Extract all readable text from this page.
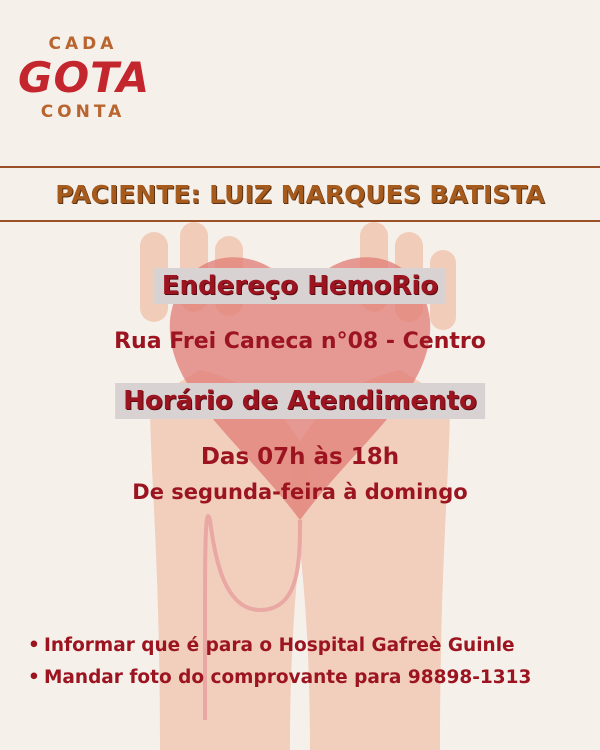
CADA
GOTA
CONTA
PACIENTE: LUIZ MARQUES BATISTA
Endereço HemoRio
Rua Frei Caneca n°08 - Centro
Horário de Atendimento
Das 07h às 18h
De segunda-feira à domingo
• Informar que é para o Hospital Gafreè Guinle
• Mandar foto do comprovante para 98898-1313
